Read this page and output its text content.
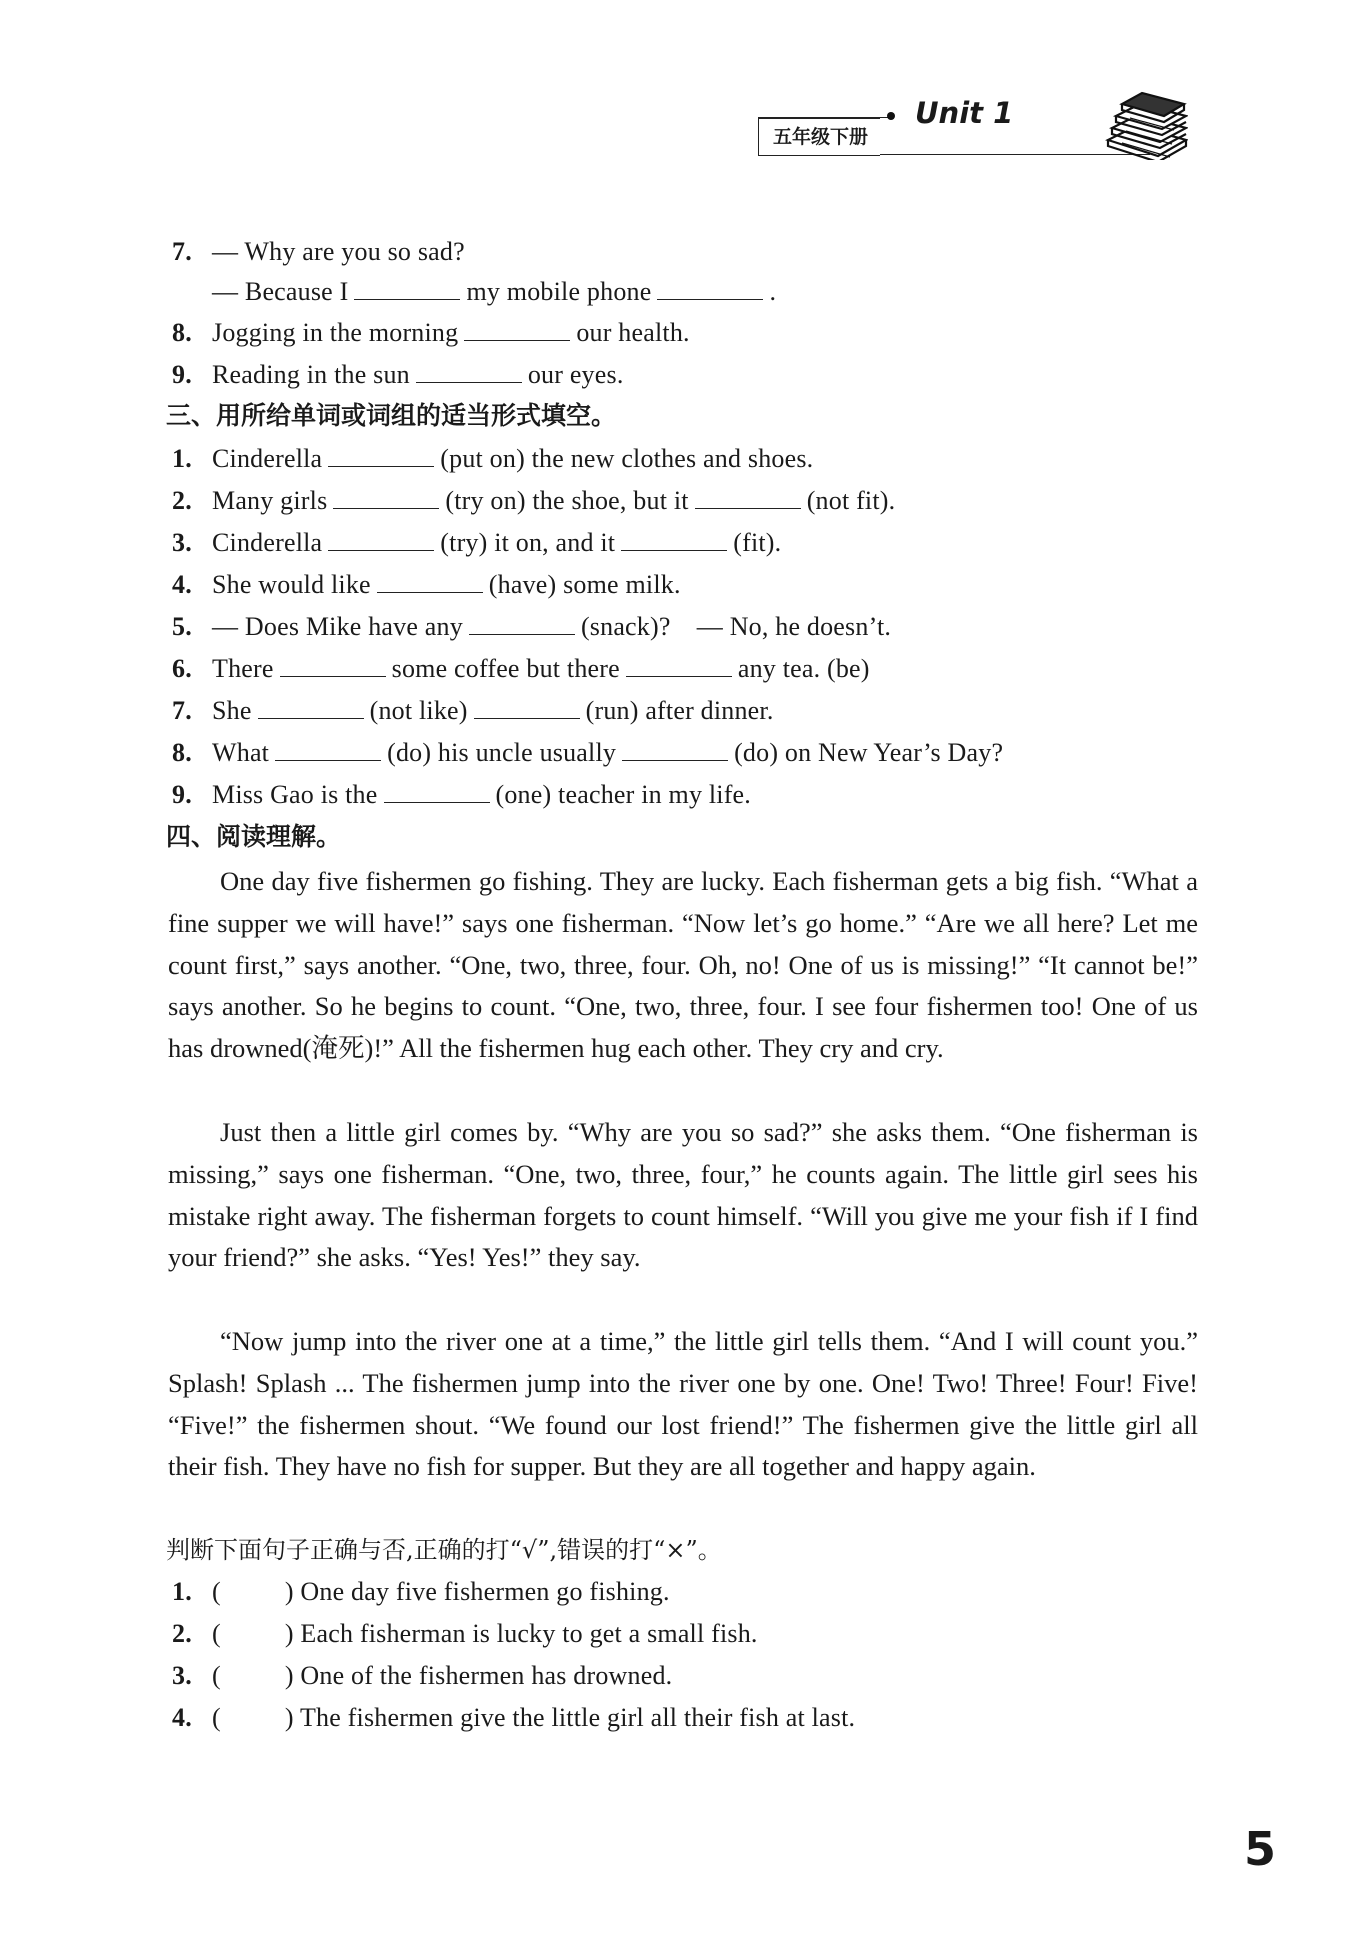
五年级下册
Unit 1
7. — Why are you so sad?
— Because I	my mobile phone	.
8. Jogging in the morning	our health.
9. Reading in the sun	our eyes.
三、用所给单词或词组的适当形式填空。
1. Cinderella	(put on) the new clothes and shoes.
2. Many girls	(try on) the shoe, but it	(not fit).
3. Cinderella	(try) it on, and it	(fit).
4. She would like	(have) some milk.
5. — Does Mike have any	(snack)?　— No, he doesn’t.
6. There	some coffee but there	any tea. (be)
7. She	(not like)	(run) after dinner.
8. What	(do) his uncle usually	(do) on New Year’s Day?
9. Miss Gao is the	(one) teacher in my life.
四、阅读理解。

One day five fishermen go fishing. They are lucky. Each fisherman gets a big fish. “What a fine supper we will have!” says one fisherman. “Now let’s go home.” “Are we all here? Let me count first,” says another. “One, two, three, four. Oh, no! One of us is missing!” “It cannot be!” says another. So he begins to count. “One, two, three, four. I see four fishermen too! One of us has drowned(淹死)!” All the fishermen hug each other. They cry and cry.

Just then a little girl comes by. “Why are you so sad?” she asks them. “One fisherman is missing,” says one fisherman. “One, two, three, four,” he counts again. The little girl sees his mistake right away. The fisherman forgets to count himself. “Will you give me your fish if I find your friend?” she asks. “Yes! Yes!” they say.

“Now jump into the river one at a time,” the little girl tells them. “And I will count you.” Splash! Splash ... The fishermen jump into the river one by one. One! Two! Three! Four! Five! “Five!” the fishermen shout. “We found our lost friend!” The fishermen give the little girl all their fish. They have no fish for supper. But they are all together and happy again.

判断下面句子正确与否,正确的打“√”,错误的打“×”。
1. ( ) One day five fishermen go fishing.
2. ( ) Each fisherman is lucky to get a small fish.
3. ( ) One of the fishermen has drowned.
4. ( ) The fishermen give the little girl all their fish at last.
5
